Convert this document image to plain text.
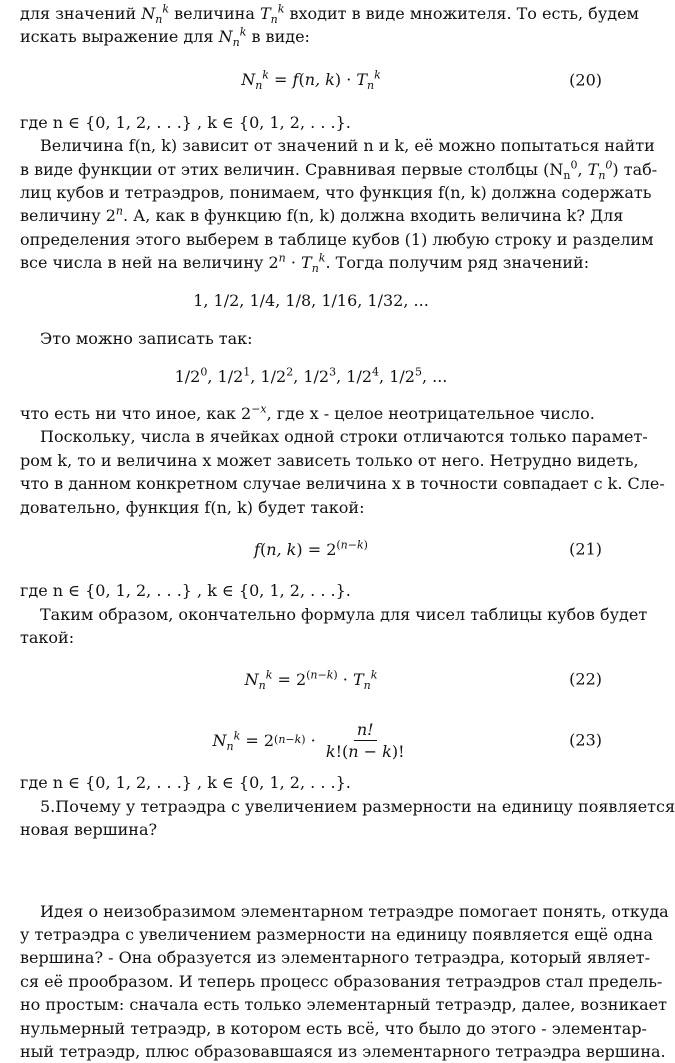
для значений $N_n^k$ величина $T_n^k$ входит в виде множителя. То есть, будем

искать выражение для $N_n^k$ в виде:

$N_n^k = f$ ( n, k ) · $T_n^k$	(20)

где n ∈ {0, 1, 2, . . .} , k ∈ {0, 1, 2, . . .}.

Величина f(n, k) зависит от значений n и k, её можно попытаться найти

в виде функции от этих величин. Сравнивая первые столбцы ($N_n^0$, $T_n^0$) таб-

лиц кубов и тетраэдров, понимаем, что функция f(n, k) должна содержать

величину 2$^n$. А, как в функцию f(n, k) должна входить величина k? Для

определения этого выберем в таблице кубов (1) любую строку и разделим

все числа в ней на величину $2^n \cdot T_n^k$. Тогда получим ряд значений:

1, 1/2, 1/4, 1/8, 1/16, 1/32, ...

Это можно записать так:

$1/2^0$, $1/2^1$, $1/2^2$, $1/2^3$, $1/2^4$, $1/2^5$, ...

что есть ни что иное, как $2^{-x}$, где x - целое неотрицательное число.

Поскольку, числа в ячейках одной строки отличаются только парамет-

ром k, то и величина x может зависеть только от него. Нетрудно видеть,

что в данном конкретном случае величина x в точности совпадает с k. Сле-

довательно, функция f(n, k) будет такой:

f(n, $k) = 2^{(n-k)}$	(21)

где n ∈ {0, 1, 2, . . .} , k ∈ {0, 1, 2, . . .}.

Таким образом, окончательно формула для чисел таблицы кубов будет

такой:

$N_n^k = 2^{(n-k)} \cdot T_n^k$	(22)
$N_n^k = 2$ $(n-k) \cdot \frac{n!}{k!(n - k)!}$	(23)

где n ∈ {0, 1, 2, . . .} , k ∈ {0, 1, 2, . . .}.

5.Почему у тетраэдра с увеличением размерности на единицу появляется

новая вершина?

Идея о неизобразимом элементарном тетраэдре помогает понять, откуда

у тетраэдра с увеличением размерности на единицу появляется ещё одна

вершина? - Она образуется из элементарного тетраэдра, который являет-

ся её прообразом. И теперь процесс образования тетраэдров стал предель-

но простым: сначала есть только элементарный тетраэдр, далее, возникает

нульмерный тетраэдр, в котором есть всё, что было до этого - элементар-

ный тетраэдр, плюс образовавшаяся из элементарного тетраэдра вершина.
